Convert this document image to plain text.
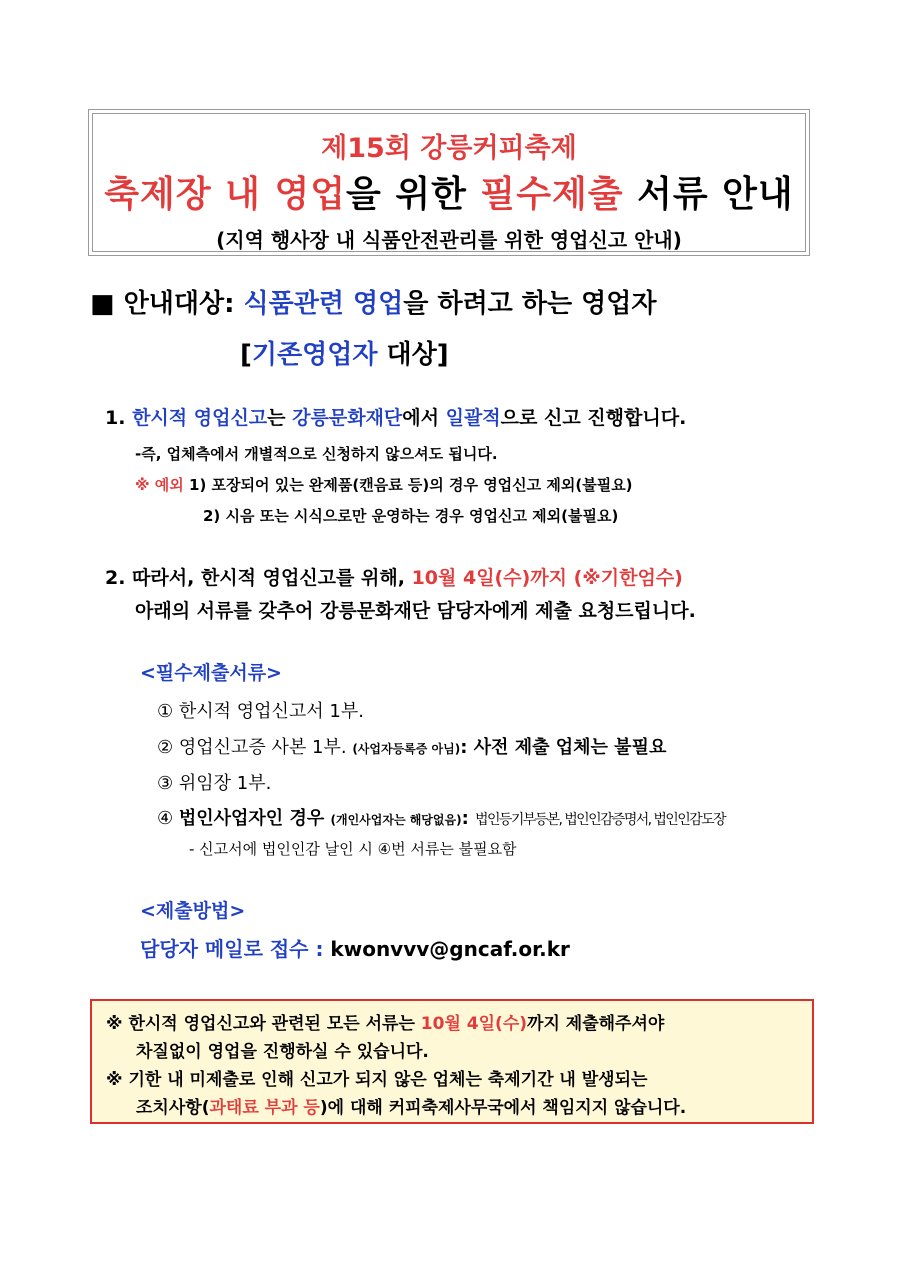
제15회 강릉커피축제
축제장 내 영업을 위한 필수제출 서류 안내
(지역 행사장 내 식품안전관리를 위한 영업신고 안내)
■ 안내대상: 식품관련 영업을 하려고 하는 영업자
[기존영업자 대상]
1. 한시적 영업신고는 강릉문화재단에서 일괄적으로 신고 진행합니다.
-즉, 업체측에서 개별적으로 신청하지 않으셔도 됩니다.
※ 예외 1) 포장되어 있는 완제품(캔음료 등)의 경우 영업신고 제외(불필요)
2) 시음 또는 시식으로만 운영하는 경우 영업신고 제외(불필요)
2. 따라서, 한시적 영업신고를 위해, 10월 4일(수)까지 (※기한엄수)
아래의 서류를 갖추어 강릉문화재단 담당자에게 제출 요청드립니다.
<필수제출서류>
① 한시적 영업신고서 1부.
② 영업신고증 사본 1부. (사업자등록증 아님): 사전 제출 업체는 불필요
③ 위임장 1부.
④ 법인사업자인 경우 (개인사업자는 해당없음): 법인등기부등본, 법인인감증명서, 법인인감도장
- 신고서에 법인인감 날인 시 ④번 서류는 불필요함
<제출방법>
담당자 메일로 접수 : kwonvvv@gncaf.or.kr
※ 한시적 영업신고와 관련된 모든 서류는 10월 4일(수)까지 제출해주셔야
차질없이 영업을 진행하실 수 있습니다.
※ 기한 내 미제출로 인해 신고가 되지 않은 업체는 축제기간 내 발생되는
조치사항(과태료 부과 등)에 대해 커피축제사무국에서 책임지지 않습니다.
